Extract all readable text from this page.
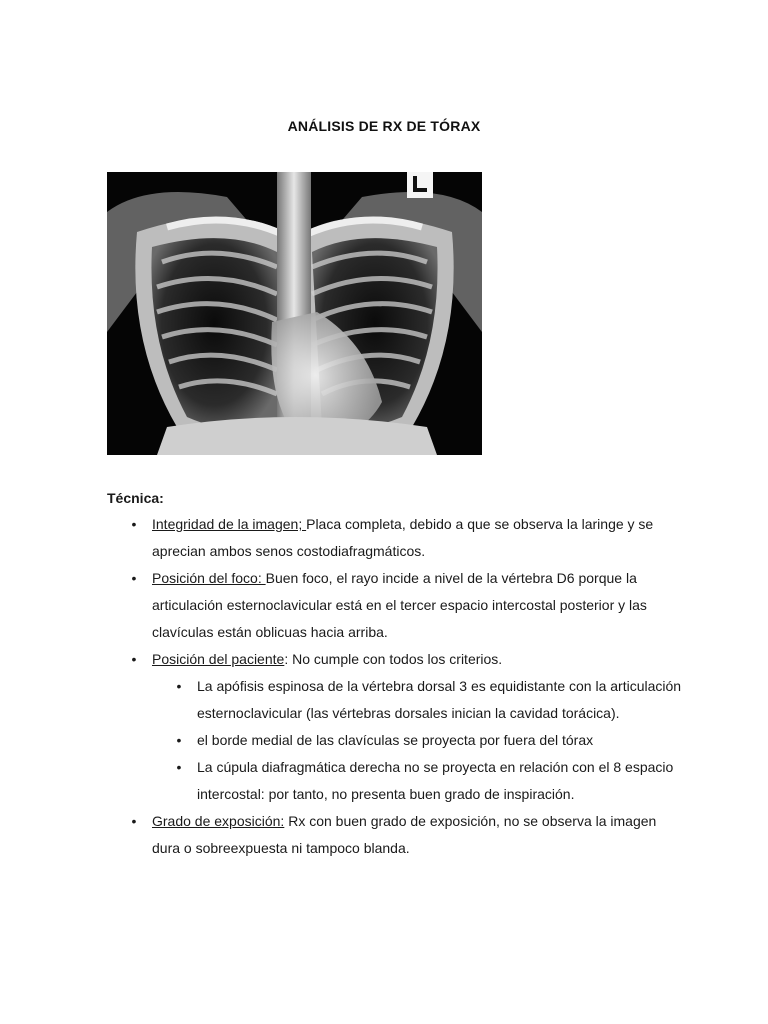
ANÁLISIS DE RX DE TÓRAX
Técnica:
• Integridad de la imagen; Placa completa, debido a que se observa la laringe y se aprecian ambos senos costodiafragmáticos.
• Posición del foco: Buen foco, el rayo incide a nivel de la vértebra D6 porque la articulación esternoclavicular está en el tercer espacio intercostal posterior y las clavículas están oblicuas hacia arriba.
• Posición del paciente: No cumple con todos los criterios.
• La apófisis espinosa de la vértebra dorsal 3 es equidistante con la articulación esternoclavicular (las vértebras dorsales inician la cavidad torácica).
• el borde medial de las clavículas se proyecta por fuera del tórax
• La cúpula diafragmática derecha no se proyecta en relación con el 8 espacio intercostal: por tanto, no presenta buen grado de inspiración.
• Grado de exposición: Rx con buen grado de exposición, no se observa la imagen dura o sobreexpuesta ni tampoco blanda.
